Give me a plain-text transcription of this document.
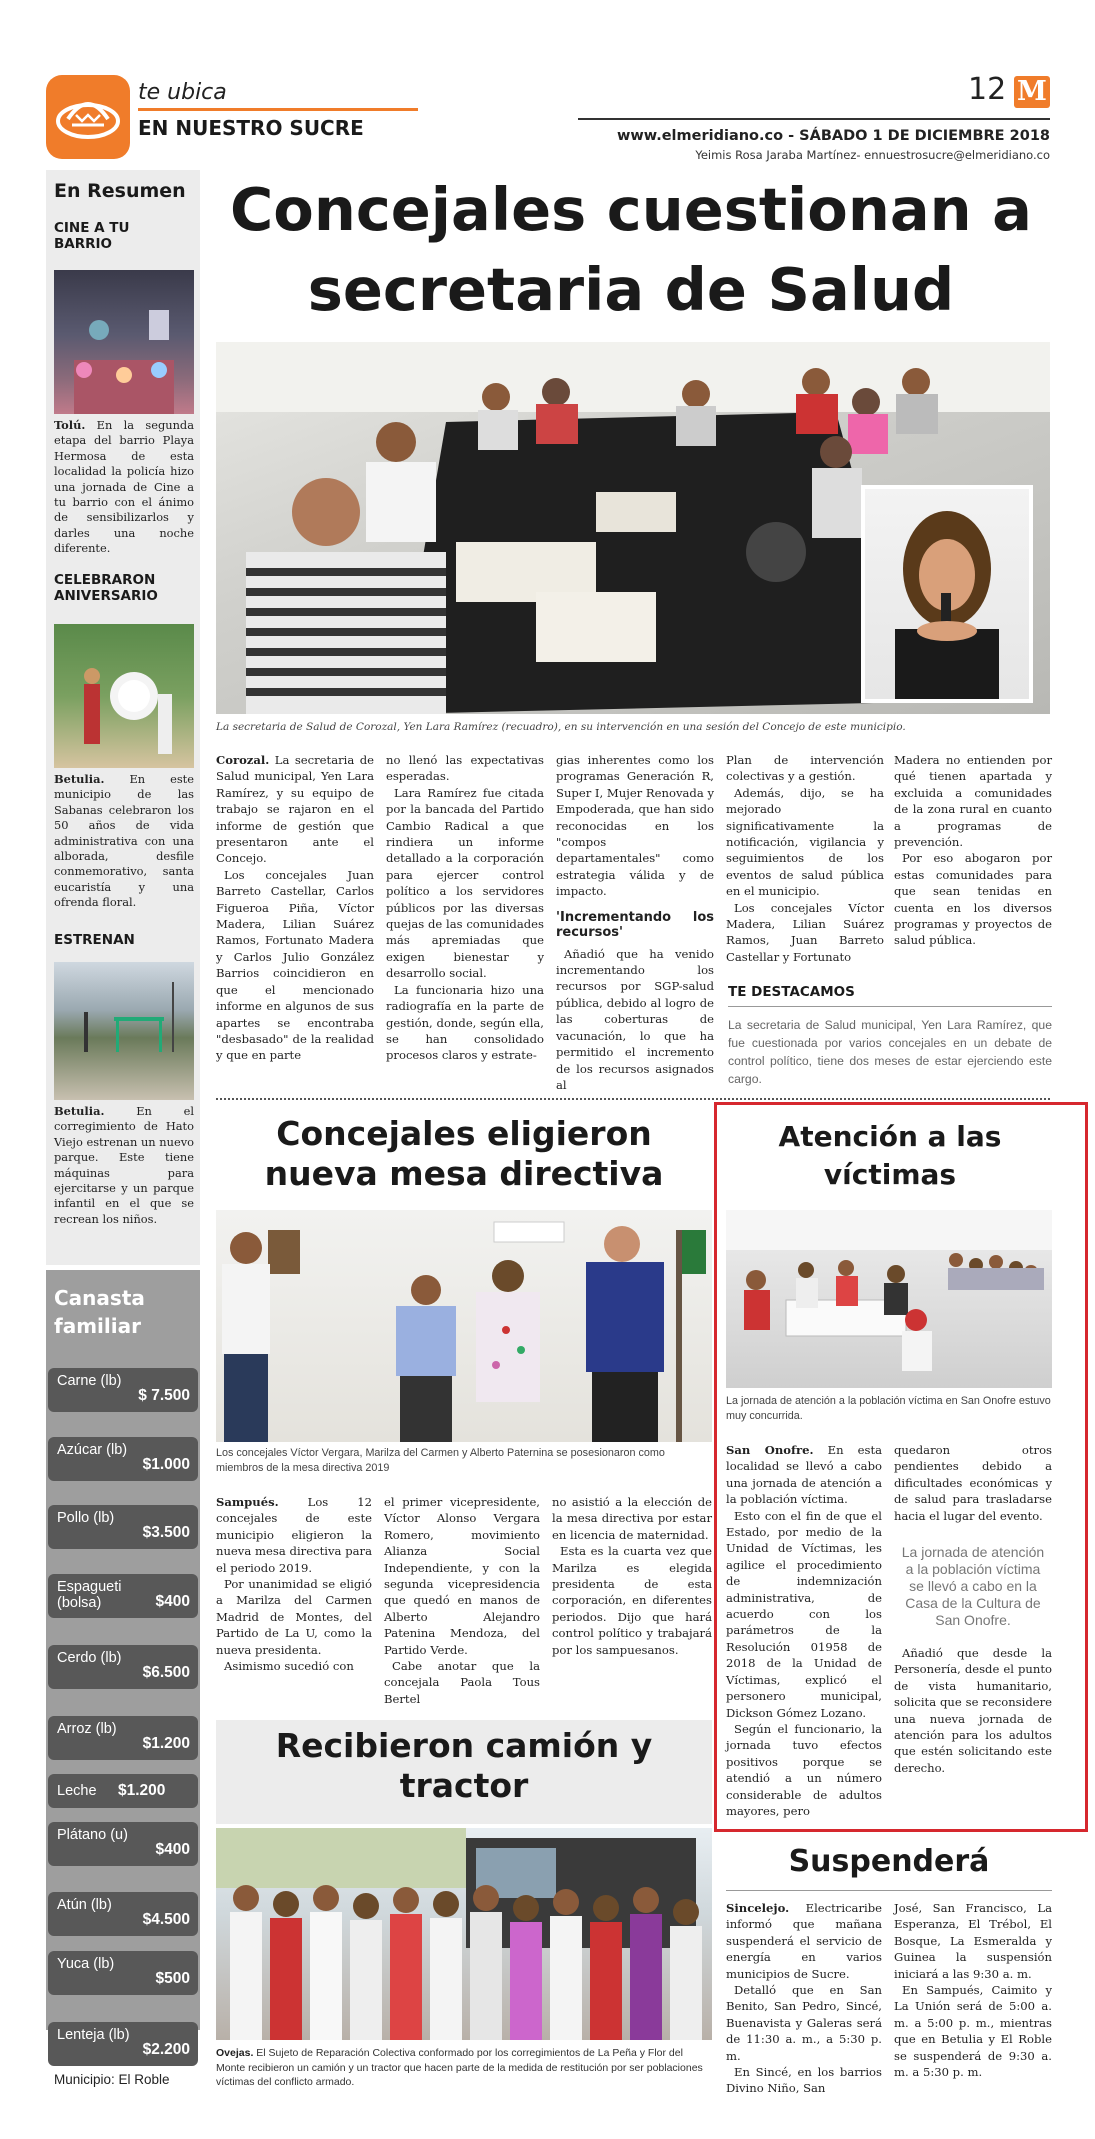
te ubica
EN NUESTRO SUCRE
12 M
www.elmeridiano.co - SÁBADO 1 DE DICIEMBRE 2018
Yeimis Rosa Jaraba Martínez- ennuestrosucre@elmeridiano.co
En Resumen
CINE A TU BARRIO
Tolú. En la segunda etapa del barrio Playa Hermosa de esta localidad la policía hizo una jornada de Cine a tu barrio con el ánimo de sensibilizarlos y darles una noche diferente.
CELEBRARON ANIVERSARIO
Betulia. En este municipio de las Sabanas celebraron los 50 años de vida administrativa con una alborada, desfile conmemorativo, santa eucaristía y una ofrenda floral.
ESTRENAN
Betulia.	En el corregimiento de Hato Viejo estrenan un nuevo parque. Este tiene máquinas para ejercitarse y un parque infantil en el que se recrean los niños.
Canasta familiar
Carne (lb)
$ 7.500
Azúcar (lb)
$1.000
Pollo (lb)
$3.500
Espagueti (bolsa)	$400
Cerdo (lb)
$6.500
Arroz (lb)
$1.200
Leche	$1.200
Plátano (u)
$400
Atún (lb)
$4.500
Yuca (lb)
$500
Lenteja (lb)
$2.200
Municipio: El Roble
Concejales cuestionan a secretaria de Salud
La secretaria de Salud de Corozal, Yen Lara Ramírez (recuadro), en su intervención en una sesión del Concejo de este municipio.

Corozal. La secretaria de Salud municipal, Yen Lara Ramírez, y su equipo de trabajo se rajaron en el informe de gestión que presentaron ante el Concejo.

Los concejales Juan Barreto Castellar, Carlos Figueroa Piña, Víctor Madera, Lilian Suárez Ramos, Fortunato Madera y Carlos Julio González Barrios coincidieron en que el mencionado informe en algunos de sus apartes se encontraba "desbasado" de la realidad y que en parte

no llenó las expectativas esperadas.

Lara Ramírez fue citada por la bancada del Partido Cambio Radical a que rindiera un informe detallado a la corporación para ejercer control político a los servidores públicos por las diversas quejas de las comunidades más apremiadas que exigen bienestar y desarrollo social.

La funcionaria hizo una radiografía en la parte de gestión, donde, según ella, se han consolidado procesos claros y estrate-

gias inherentes como los programas Generación R, Super I, Mujer Renovada y Empoderada, que han sido reconocidas en los "compos departamentales" como estrategia válida y de impacto.

'Incrementando los recursos'

Añadió que ha venido incrementando los recursos por SGP-salud pública, debido al logro de las coberturas de vacunación, lo que ha permitido el incremento de los recursos asignados al

Plan de intervención colectivas y a gestión.

Además, dijo, se ha mejorado significativamente la notificación, vigilancia y seguimientos de los eventos de salud pública en el municipio.

Los concejales Víctor Madera, Lilian Suárez Ramos, Juan Barreto Castellar y Fortunato

Madera no entienden por qué tienen apartada y excluida a comunidades de la zona rural en cuanto a programas de prevención.

Por eso abogaron por estas comunidades para que sean tenidas en cuenta en los diversos programas y proyectos de salud pública.

TE DESTACAMOS
La secretaria de Salud municipal, Yen Lara Ramírez, que fue cuestionada por varios concejales en un debate de control político, tiene dos meses de estar ejerciendo este cargo.
Concejales eligieron nueva mesa directiva
Los concejales Víctor Vergara, Marilza del Carmen y Alberto Paternina se posesionaron como miembros de la mesa directiva 2019

Sampués. Los 12 concejales de este municipio eligieron la nueva mesa directiva para el periodo 2019.

Por unanimidad se eligió a Marilza del Carmen Madrid de Montes, del Partido de La U, como la nueva presidenta.

Asimismo sucedió con

el primer vicepresidente, Víctor Alonso Vergara Romero, movimiento Alianza Social Independiente, y con la segunda vicepresidencia que quedó en manos de Alberto Alejandro Patenina Mendoza, del Partido Verde.

Cabe anotar que la concejala Paola Tous Bertel

no asistió a la elección de la mesa directiva por estar en licencia de maternidad.

Esta es la cuarta vez que Marilza es elegida presidenta de esta corporación, en diferentes periodos. Dijo que hará control político y trabajará por los sampuesanos.

Atención a las víctimas
La jornada de atención a la población víctima en San Onofre estuvo muy concurrida.

San Onofre. En esta localidad se llevó a cabo una jornada de atención a la población víctima.

Esto con el fin de que el Estado, por medio de la Unidad de Víctimas, les agilice el procedimiento de indemnización administrativa, de acuerdo con los parámetros de la Resolución 01958 de 2018 de la Unidad de Víctimas, explicó el personero municipal, Dickson Gómez Lozano.

Según el funcionario, la jornada tuvo efectos positivos porque se atendió a un número considerable de adultos mayores, pero

quedaron otros pendientes debido a dificultades económicas y de salud para trasladarse hacia el lugar del evento.

La jornada de atención a la población víctima se llevó a cabo en la Casa de la Cultura de San Onofre.

Añadió que desde la Personería, desde el punto de vista humanitario, solicita que se reconsidere una nueva jornada de atención para los adultos que estén solicitando este derecho.

Recibieron camión y tractor
Ovejas. El Sujeto de Reparación Colectiva conformado por los corregimientos de La Peña y Flor del Monte recibieron un camión y un tractor que hacen parte de la medida de restitución por ser poblaciones víctimas del conflicto armado.
Suspenderá

Sincelejo. Electricaribe informó que mañana suspenderá el servicio de energía en varios municipios de Sucre.

Detalló que en San Benito, San Pedro, Sincé, Buenavista y Galeras será de 11:30 a. m., a 5:30 p. m.

En Sincé, en los barrios Divino Niño, San

José, San Francisco, La Esperanza, El Trébol, El Bosque, La Esmeralda y Guinea la suspensión iniciará a las 9:30 a. m.

En Sampués, Caimito y La Unión será de 5:00 a. m. a 5:00 p. m., mientras que en Betulia y El Roble se suspenderá de 9:30 a. m. a 5:30 p. m.
